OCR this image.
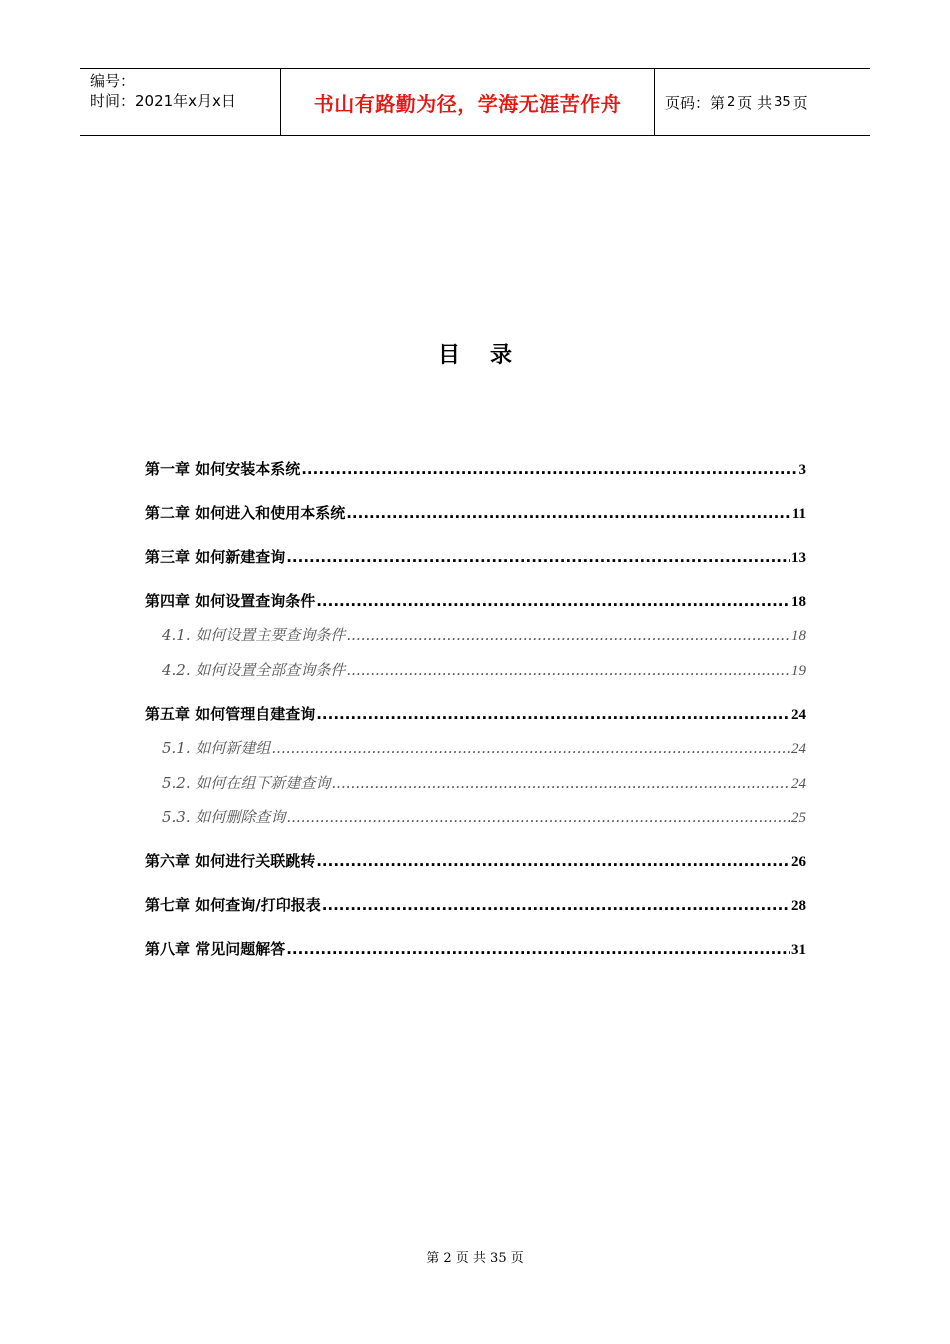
编号：
时间：2021年x月x日	书山有路勤为径，学海无涯苦作舟	页码：第 2 页 共 35 页
目录
第一章 如何安装本系统 .....	3
第二章 如何进入和使用本系统 .....	11
第三章 如何新建查询 .....	13
第四章 如何设置查询条件 .....	18
4.1. 如何设置主要查询条件 .....	18
4.2. 如何设置全部查询条件 .....	19
第五章 如何管理自建查询 .....	24
5.1. 如何新建组 .....	24
5.2. 如何在组下新建查询 .....	24
5.3. 如何删除查询 .....	25
第六章 如何进行关联跳转 .....	26
第七章 如何查询/打印报表 .....	28
第八章 常见问题解答 .....	31
第 2 页 共 35 页
